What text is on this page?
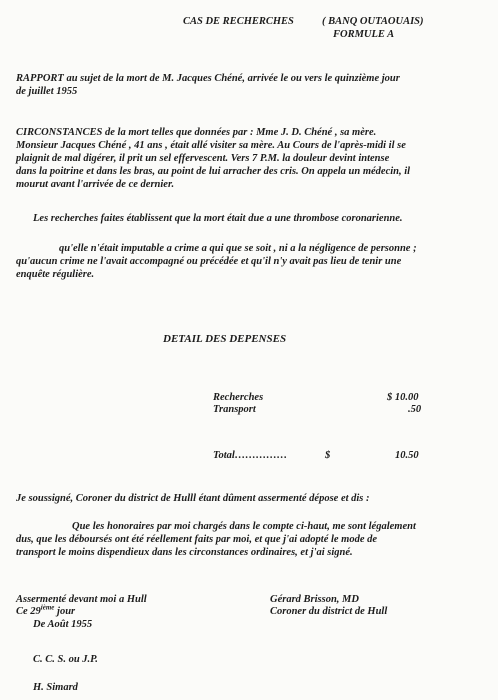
CAS DE RECHERCHES	( BANQ OUTAOUAIS)
FORMULE A
RAPPORT au sujet de la mort de M. Jacques Chéné, arrivée le ou vers le quinzième jour
de juillet 1955
CIRCONSTANCES de la mort telles que données par : Mme J. D. Chéné , sa mère.
Monsieur Jacques Chéné , 41 ans , était allé visiter sa mère. Au Cours de l'après-midi il se
plaignit de mal digérer, il prit un sel effervescent. Vers 7 P.M. la douleur devint intense
dans la poitrine et dans les bras, au point de lui arracher des cris. On appela un médecin, il
mourut avant l'arrivée de ce dernier.
Les recherches faites établissent que la mort était due a une thrombose coronarienne.
qu'elle n'était imputable a crime a qui que se soit , ni a la négligence de personne ;
qu'aucun crime ne l'avait accompagné ou précédée et qu'il n'y avait pas lieu de tenir une
enquête régulière.
DETAIL DES DEPENSES
Recherches	$ 10.00
Transport	.50
Total……………	$	10.50
Je soussigné, Coroner du district de Hulll étant dûment assermenté dépose et dis :
Que les honoraires par moi chargés dans le compte ci-haut, me sont légalement
dus, que les déboursés ont été réellement faits par moi, et que j'ai adopté le mode de
transport le moins dispendieux dans les circonstances ordinaires, et j'ai signé.
Assermenté devant moi a Hull
Ce 29ième jour
De Août 1955
C. C. S. ou J.P.
H. Simard
Gérard Brisson, MD
Coroner du district de Hull
